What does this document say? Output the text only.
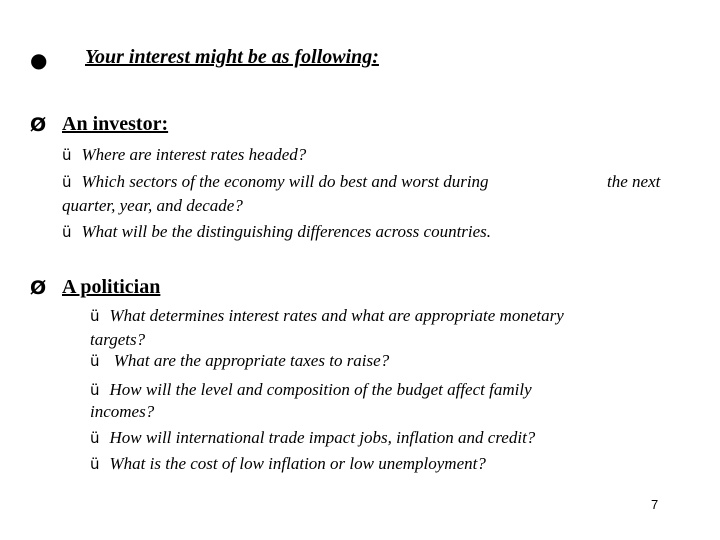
● Your interest might be as following:
Ø An investor:
ü Where are interest rates headed?
ü Which sectors of the economy will do best and worst during	the next
quarter, year, and decade?
ü What will be the distinguishing differences across countries.
Ø A politician
ü What determines interest rates and what are appropriate monetary
targets?
ü What are the appropriate taxes to raise?
ü How will the level and composition of the budget affect family
incomes?
ü How will international trade impact jobs, inflation and credit?
ü What is the cost of low inflation or low unemployment?
7
